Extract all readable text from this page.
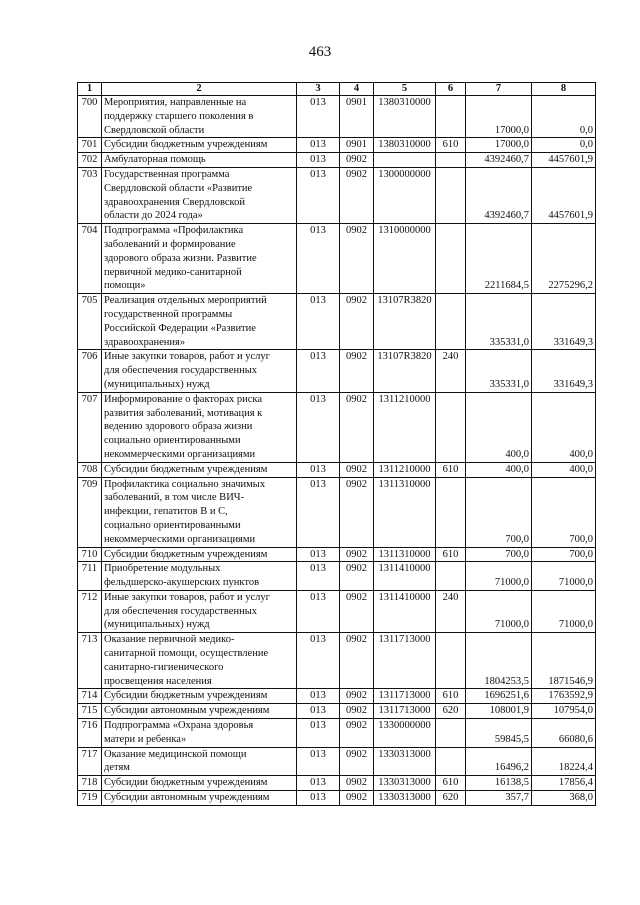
463
1	2	3	4	5	6	7	8
700	Мероприятия, направленные на
поддержку старшего поколения в
Свердловской области	013	0901	1380310000		17000,0	0,0
701	Субсидии бюджетным учреждениям	013	0901	1380310000	610	17000,0	0,0
702	Амбулаторная помощь	013	0902			4392460,7	4457601,9
703	Государственная программа
Свердловской области «Развитие
здравоохранения Свердловской
области до 2024 года»	013	0902	1300000000		4392460,7	4457601,9
704	Подпрограмма «Профилактика
заболеваний и формирование
здорового образа жизни. Развитие
первичной медико-санитарной
помощи»	013	0902	1310000000		2211684,5	2275296,2
705	Реализация отдельных мероприятий
государственной программы
Российской Федерации «Развитие
здравоохранения»	013	0902	13107R3820		335331,0	331649,3
706	Иные закупки товаров, работ и услуг
для обеспечения государственных
(муниципальных) нужд	013	0902	13107R3820	240	335331,0	331649,3
707	Информирование о факторах риска
развития заболеваний, мотивация к
ведению здорового образа жизни
социально ориентированными
некоммерческими организациями	013	0902	1311210000		400,0	400,0
708	Субсидии бюджетным учреждениям	013	0902	1311210000	610	400,0	400,0
709	Профилактика социально значимых
заболеваний, в том числе ВИЧ-
инфекции, гепатитов В и С,
социально ориентированными
некоммерческими организациями	013	0902	1311310000		700,0	700,0
710	Субсидии бюджетным учреждениям	013	0902	1311310000	610	700,0	700,0
711	Приобретение модульных
фельдшерско-акушерских пунктов	013	0902	1311410000		71000,0	71000,0
712	Иные закупки товаров, работ и услуг
для обеспечения государственных
(муниципальных) нужд	013	0902	1311410000	240	71000,0	71000,0
713	Оказание первичной медико-
санитарной помощи, осуществление
санитарно-гигиенического
просвещения населения	013	0902	1311713000		1804253,5	1871546,9
714	Субсидии бюджетным учреждениям	013	0902	1311713000	610	1696251,6	1763592,9
715	Субсидии автономным учреждениям	013	0902	1311713000	620	108001,9	107954,0
716	Подпрограмма «Охрана здоровья
матери и ребенка»	013	0902	1330000000		59845,5	66080,6
717	Оказание медицинской помощи
детям	013	0902	1330313000		16496,2	18224,4
718	Субсидии бюджетным учреждениям	013	0902	1330313000	610	16138,5	17856,4
719	Субсидии автономным учреждениям	013	0902	1330313000	620	357,7	368,0
